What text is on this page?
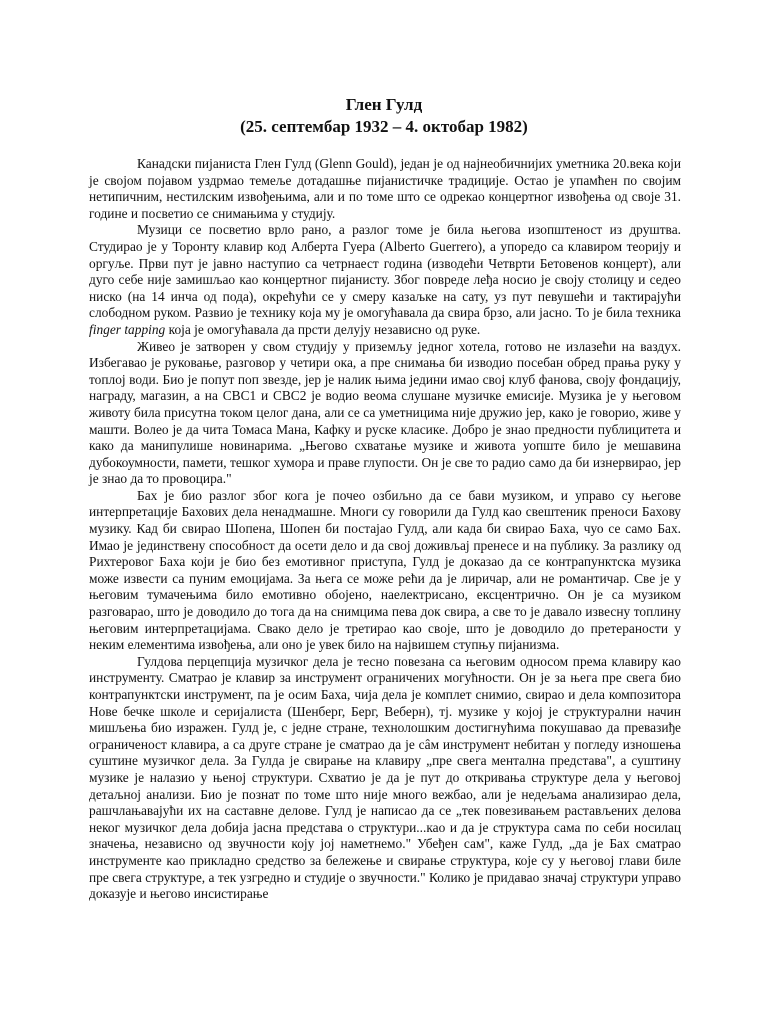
Глен Гулд
(25. септембар 1932 – 4. октобар 1982)

Канадски пијаниста Глен Гулд (Glenn Gould), један је од најнеобичнијих уметника 20.века који је својом појавом уздрмао темеље дотадашње пијанистичке традиције. Остао је упамћен по својим нетипичним, нестилским извођењима, али и по томе што се одрекао концертног извођења од своје 31. године и посветио се снимањима у студију.

Музици се посветио врло рано, а разлог томе је била његова изопштеност из друштва. Студирао је у Торонту клавир код Алберта Гуера (Alberto Guerrero), а упоредо са клавиром теорију и оргуље. Први пут је јавно наступио са четрнаест година (изводећи Четврти Бетовенов концерт), али дуго себе није замишљао као концертног пијанисту. Због повреде леђа носио је своју столицу и седео ниско (на 14 инча од пода), окрећући се у смеру казаљке на сату, уз пут певушећи и тактирајући слободном руком. Развио је технику која му је омогућавала да свира брзо, али јасно. То је била техника finger tapping која је омогућавала да прсти делују независно од руке.

Живео је затворен у свом студију у приземљу једног хотела, готово не излазећи на ваздух. Избегавао је руковање, разговор у четири ока, а пре снимања би изводио посебан обред прања руку у топлој води. Био је попут поп звезде, јер је налик њима једини имао свој клуб фанова, своју фондацију, награду, магазин, а на CBC1 и CBC2 је водио веома слушане музичке емисије. Музика је у његовом животу била присутна током целог дана, али се са уметницима није дружио јер, како је говорио, живе у машти. Волео је да чита Томаса Мана, Кафку и руске класике. Добро је знао предности публицитета и како да манипулише новинарима. „Његово схватање музике и живота уопште било је мешавина дубокоумности, памети, тешког хумора и праве глупости. Он је све то радио само да би изнервирао, јер је знао да то провоцира."

Бах је био разлог због кога је почео озбиљно да се бави музиком, и управо су његове интерпретације Бахових дела ненадмашне. Многи су говорили да Гулд као свештеник преноси Бахову музику. Кад би свирао Шопена, Шопен би постајао Гулд, али када би свирао Баха, чуо се само Бах. Имао је јединствену способност да осети дело и да свој доживљај пренесе и на публику. За разлику од Рихтеровог Баха који је био без емотивног приступа, Гулд је доказао да се контрапунктска музика може извести са пуним емоцијама. За њега се може рећи да је лиричар, али не романтичар. Све је у његовим тумачењима било емотивно обојено, наелектрисано, ексцентрично. Он је са музиком разговарао, што је доводило до тога да на снимцима пева док свира, а све то је давало извесну топлину његовим интерпретацијама. Свако дело је третирао као своје, што је доводило до претераности у неким елементима извођења, али оно је увек било на највишем ступњу пијанизма.

Гулдова перцепција музичког дела је тесно повезана са његовим односом према клавиру као инструменту. Сматрао је клавир за инструмент ограничених могућности. Он је за њега пре свега био контрапунктски инструмент, па је осим Баха, чија дела је комплет снимио, свирао и дела композитора Нове бечке школе и серијалиста (Шенберг, Берг, Веберн), тј. музике у којој је структурални начин мишљења био изражен. Гулд је, с једне стране, технолошким достигнућима покушавао да превазиђе ограниченост клавира, а са друге стране је сматрао да је сâм инструмент небитан у погледу изношења суштине музичког дела. За Гулда је свирање на клавиру „пре свега ментална представа", а суштину музике је налазио у њеној структури. Схватио је да је пут до откривања структуре дела у његовој детаљној анализи. Био је познат по томе што није много вежбао, али је недељама анализирао дела, рашчлањавајући их на саставне делове. Гулд је написао да се „тек повезивањем растављених делова неког музичког дела добија јасна представа о структури...као и да је структура сама по себи носилац значења, независно од звучности коју јој наметнемо." Убеђен сам", каже Гулд, „да је Бах сматрао инструменте као прикладно средство за бележење и свирање структура, које су у његовој глави биле пре свега структуре, а тек узгредно и студије о звучности." Колико је придавао значај структури управо доказује и његово инсистирање
